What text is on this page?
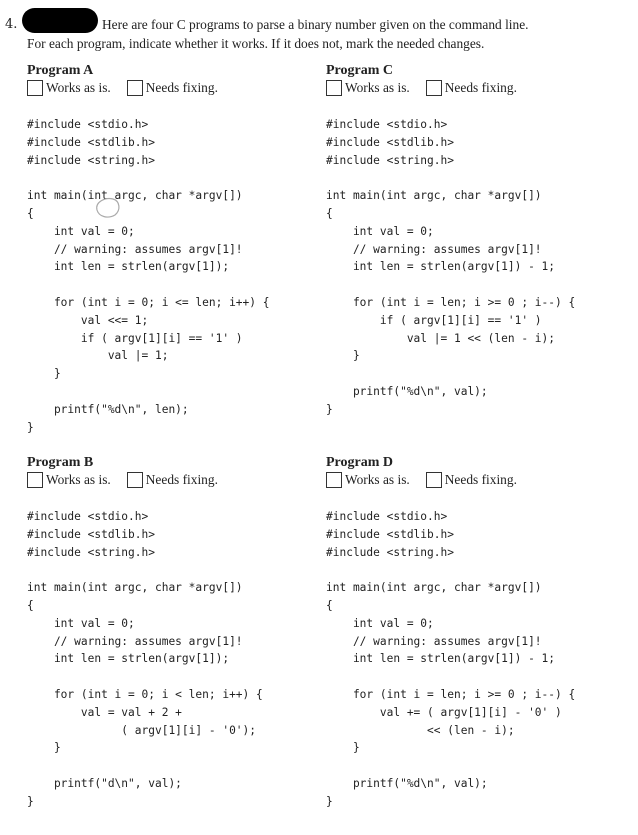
4.	Here are four C programs to parse a binary number given on the command line.
For each program, indicate whether it works. If it does not, mark the needed changes.
Program A
Works as is.	Needs fixing.
#include <stdio.h>
#include <stdlib.h>
#include <string.h>
int main(int argc, char *argv[])
{
int val = 0;
// warning: assumes argv[1]!
int len = strlen(argv[1]);
for (int i = 0; i <= len; i++) {
val <<= 1;
if ( argv[1][i] == '1' )
val |= 1;
}
printf("%d\n", len);
}
Program C
Works as is.	Needs fixing.
#include <stdio.h>
#include <stdlib.h>
#include <string.h>
int main(int argc, char *argv[])
{
int val = 0;
// warning: assumes argv[1]!
int len = strlen(argv[1]) - 1;
for (int i = len; i >= 0 ; i--) {
if ( argv[1][i] == '1' )
val |= 1 << (len - i);
}
printf("%d\n", val);
}
Program B
Works as is.	Needs fixing.
#include <stdio.h>
#include <stdlib.h>
#include <string.h>
int main(int argc, char *argv[])
{
int val = 0;
// warning: assumes argv[1]!
int len = strlen(argv[1]);
for (int i = 0; i < len; i++) {
val = val + 2 +
( argv[1][i] - '0');
}
printf("d\n", val);
}
Program D
Works as is.	Needs fixing.
#include <stdio.h>
#include <stdlib.h>
#include <string.h>
int main(int argc, char *argv[])
{
int val = 0;
// warning: assumes argv[1]!
int len = strlen(argv[1]) - 1;
for (int i = len; i >= 0 ; i--) {
val += ( argv[1][i] - '0' )
<< (len - i);
}
printf("%d\n", val);
}
